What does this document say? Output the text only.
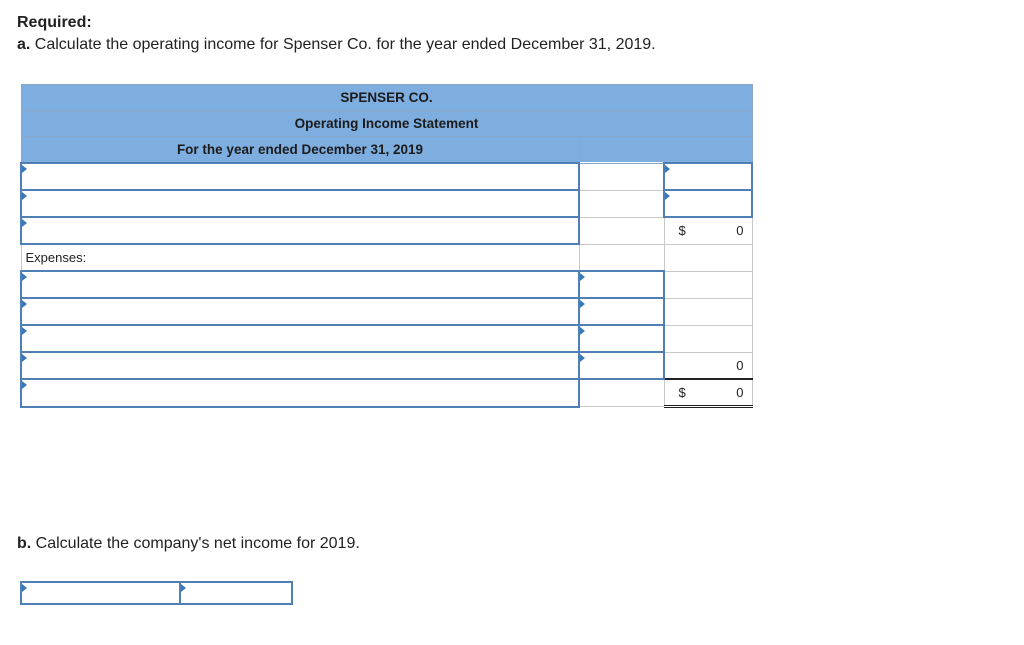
Required:
a. Calculate the operating income for Spenser Co. for the year ended December 31, 2019.
SPENSER CO.		
Operating Income Statement		
For the year ended December 31, 2019		

		$ 0

Expenses:		

		0

		$ 0
b. Calculate the company's net income for 2019.
